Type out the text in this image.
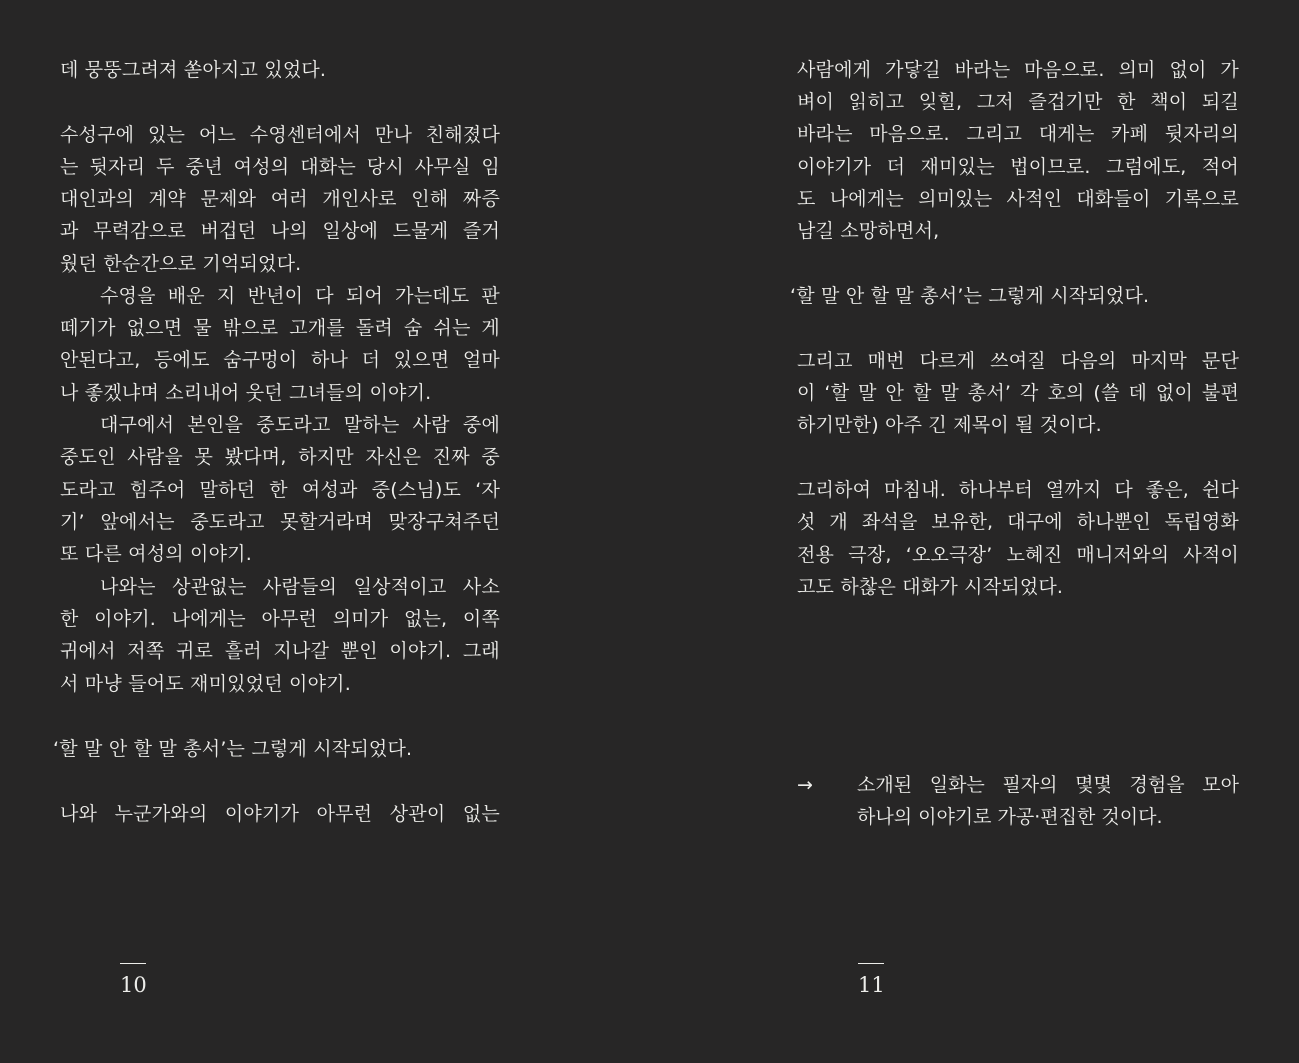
데 뭉뚱그려져 쏟아지고 있었다.
수성구에 있는 어느 수영센터에서 만나 친해졌다
는 뒷자리 두 중년 여성의 대화는 당시 사무실 임
대인과의 계약 문제와 여러 개인사로 인해 짜증
과 무력감으로 버겁던 나의 일상에 드물게 즐거
웠던 한순간으로 기억되었다.
수영을 배운 지 반년이 다 되어 가는데도 판
떼기가 없으면 물 밖으로 고개를 돌려 숨 쉬는 게
안된다고, 등에도 숨구멍이 하나 더 있으면 얼마
나 좋겠냐며 소리내어 웃던 그녀들의 이야기.
대구에서 본인을 중도라고 말하는 사람 중에
중도인 사람을 못 봤다며, 하지만 자신은 진짜 중
도라고 힘주어 말하던 한 여성과 중(스님)도 ‘자
기’ 앞에서는 중도라고 못할거라며 맞장구쳐주던
또 다른 여성의 이야기.
나와는 상관없는 사람들의 일상적이고 사소
한 이야기. 나에게는 아무런 의미가 없는, 이쪽
귀에서 저쪽 귀로 흘러 지나갈 뿐인 이야기. 그래
서 마냥 들어도 재미있었던 이야기.
‘할 말 안 할 말 총서’는 그렇게 시작되었다.
나와 누군가와의 이야기가 아무런 상관이 없는
10
사람에게 가닿길 바라는 마음으로. 의미 없이 가
벼이 읽히고 잊힐, 그저 즐겁기만 한 책이 되길
바라는 마음으로. 그리고 대게는 카페 뒷자리의
이야기가 더 재미있는 법이므로. 그럼에도, 적어
도 나에게는 의미있는 사적인 대화들이 기록으로
남길 소망하면서,
‘할 말 안 할 말 총서’는 그렇게 시작되었다.
그리고 매번 다르게 쓰여질 다음의 마지막 문단
이 ‘할 말 안 할 말 총서’ 각 호의 (쓸 데 없이 불편
하기만한) 아주 긴 제목이 될 것이다.
그리하여 마침내. 하나부터 열까지 다 좋은, 쉰다
섯 개 좌석을 보유한, 대구에 하나뿐인 독립영화
전용 극장, ‘오오극장’ 노혜진 매니저와의 사적이
고도 하찮은 대화가 시작되었다.
→ 소개된 일화는 필자의 몇몇 경험을 모아
하나의 이야기로 가공·편집한 것이다.
11
